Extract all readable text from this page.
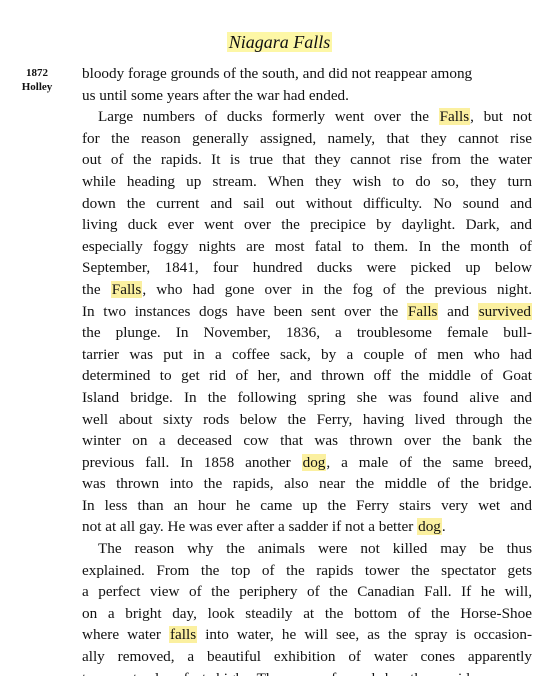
Niagara Falls
1872
Holley
bloody forage grounds of the south, and did not reappear among
us until some years after the war had ended.
Large numbers of ducks formerly went over the Falls, but not
for the reason generally assigned, namely, that they cannot rise
out of the rapids. It is true that they cannot rise from the water
while heading up stream. When they wish to do so, they turn
down the current and sail out without difficulty. No sound and
living duck ever went over the precipice by daylight. Dark, and
especially foggy nights are most fatal to them. In the month of
September, 1841, four hundred ducks were picked up below
the Falls, who had gone over in the fog of the previous night.
In two instances dogs have been sent over the Falls and survived
the plunge. In November, 1836, a troublesome female bull-
tarrier was put in a coffee sack, by a couple of men who had
determined to get rid of her, and thrown off the middle of Goat
Island bridge. In the following spring she was found alive and
well about sixty rods below the Ferry, having lived through the
winter on a deceased cow that was thrown over the bank the
previous fall. In 1858 another dog, a male of the same breed,
was thrown into the rapids, also near the middle of the bridge.
In less than an hour he came up the Ferry stairs very wet and
not at all gay. He was ever after a sadder if not a better dog.
The reason why the animals were not killed may be thus
explained. From the top of the rapids tower the spectator gets
a perfect view of the periphery of the Canadian Fall. If he will,
on a bright day, look steadily at the bottom of the Horse-Shoe
where water falls into water, he will see, as the spray is occasion-
ally removed, a beautiful exhibition of water cones apparently
